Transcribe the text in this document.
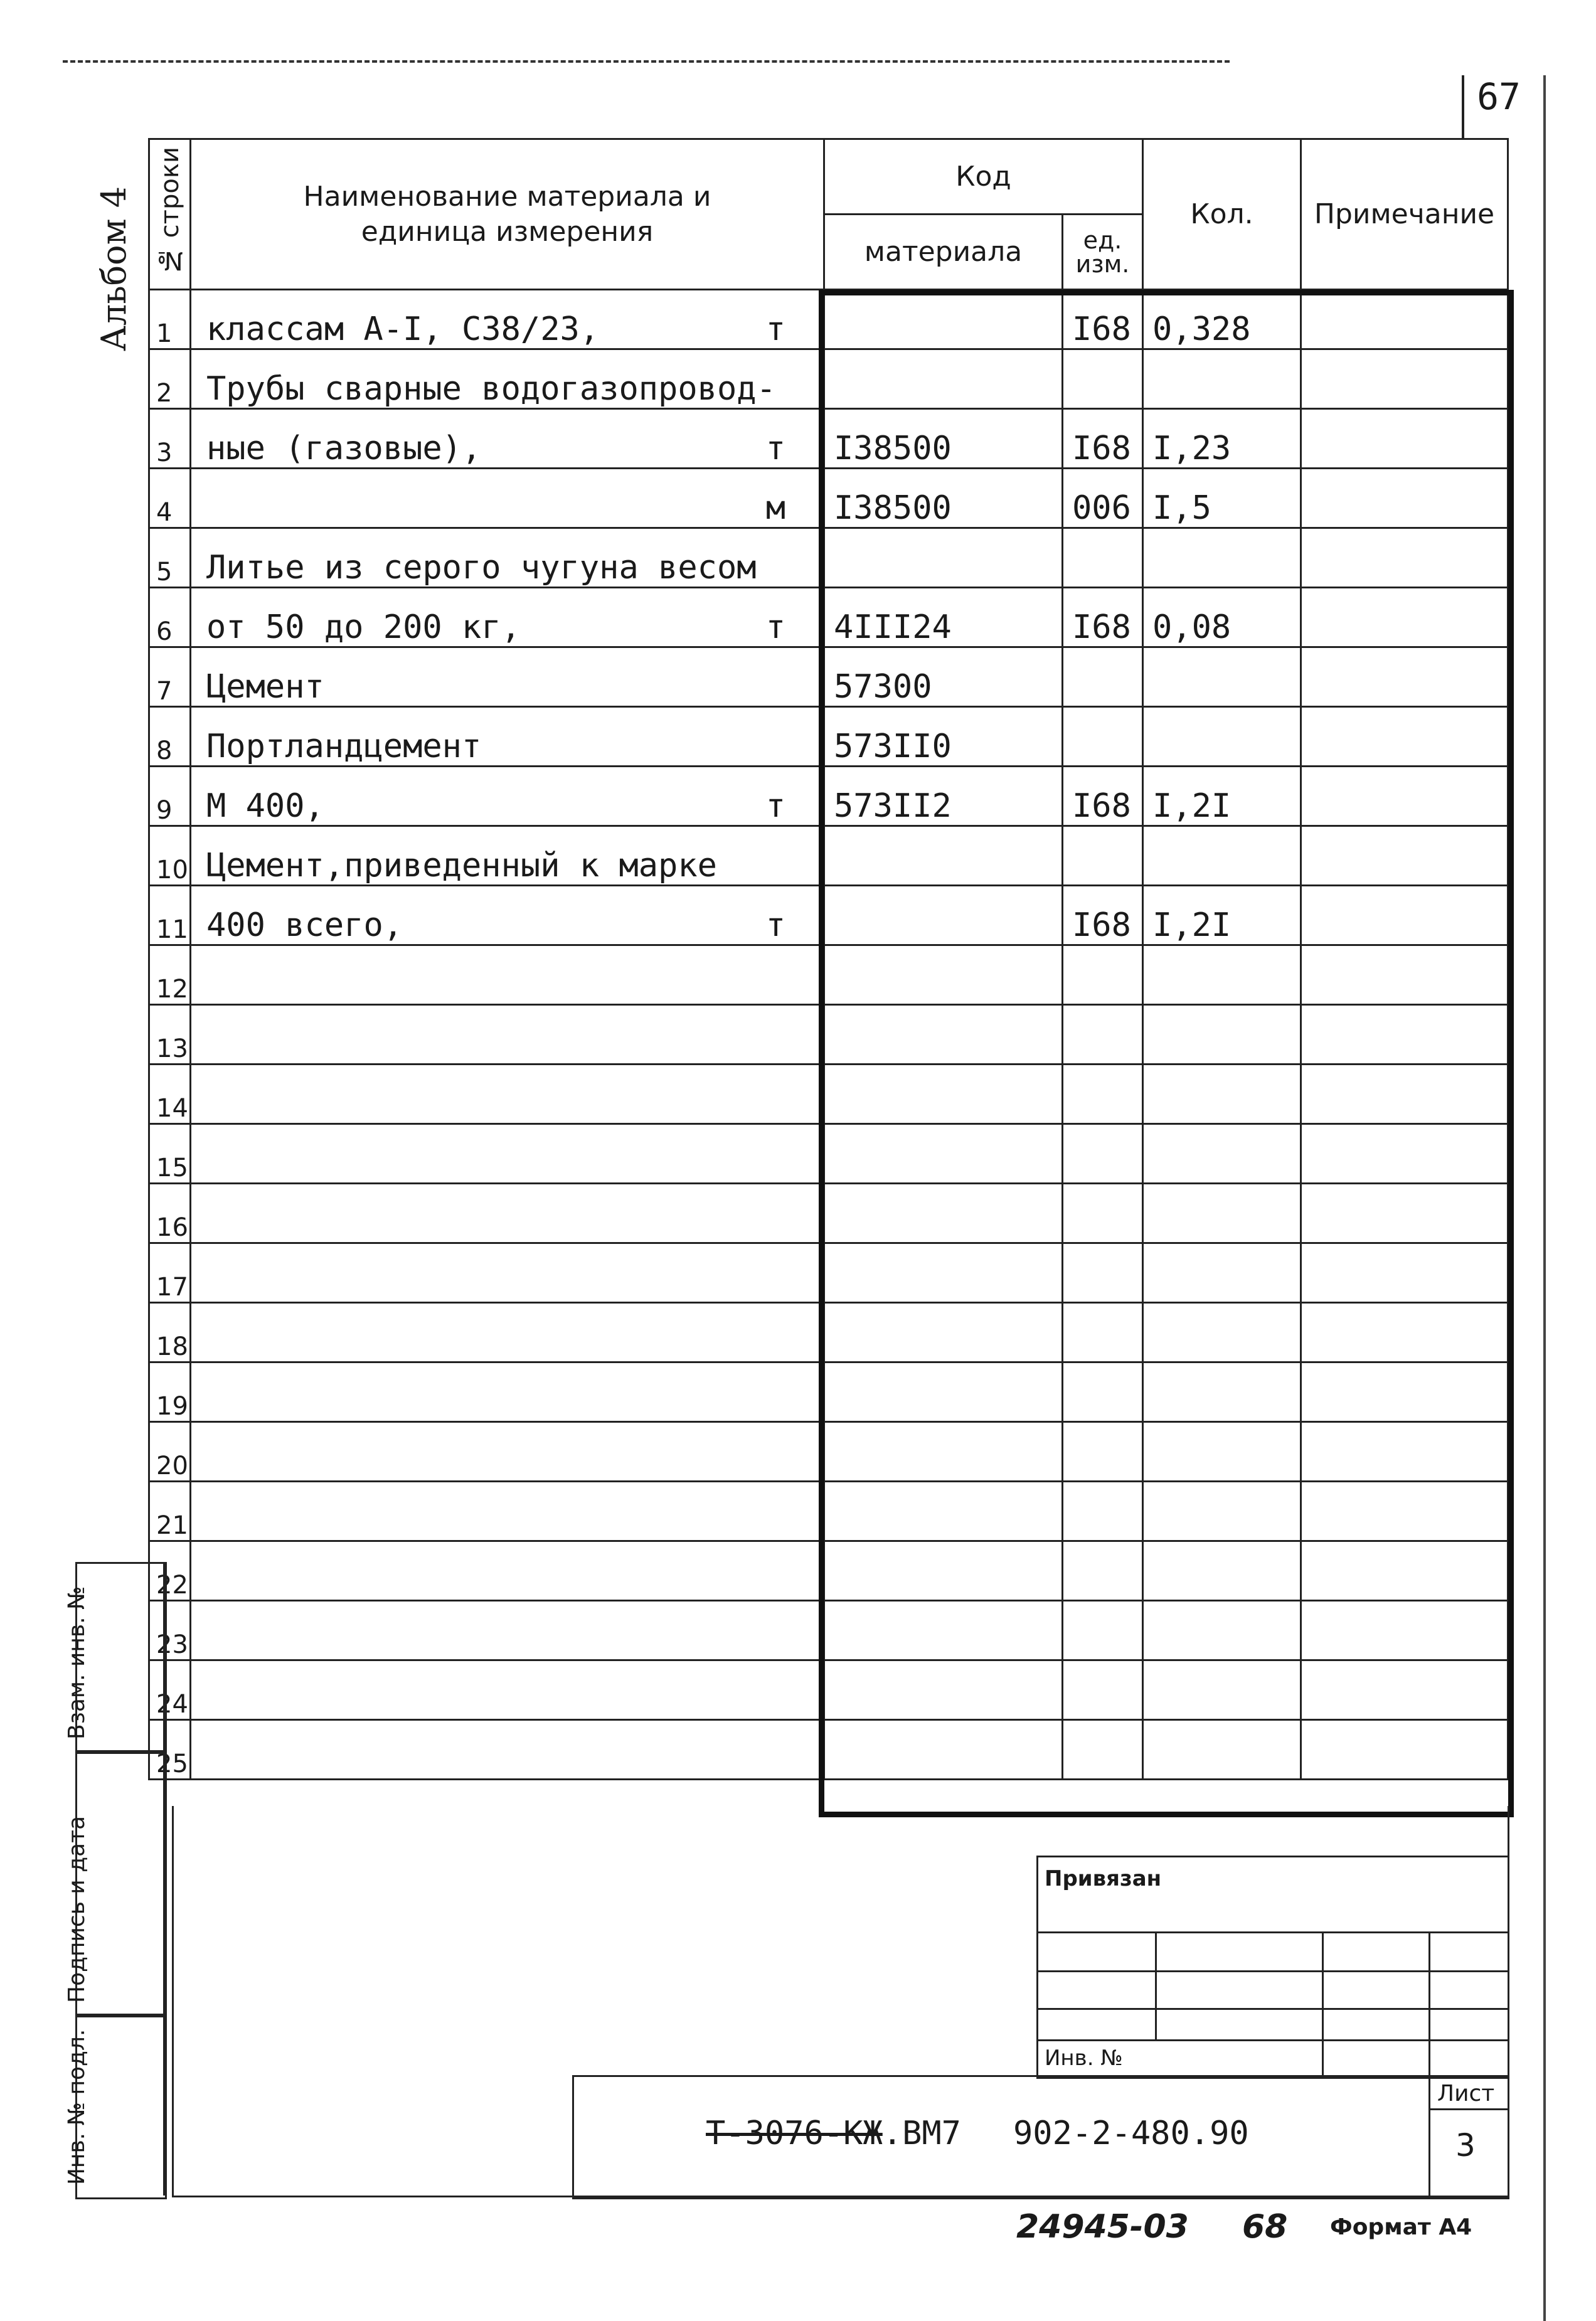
67
Альбом 4 № строки	Наименование материала и единица измерения	Код		Кол.	Примечание
		материала	ед. изм.		
1	классам А-I, С38/23, т		I68	0,328	
2	Трубы сварные водогазопровод-

3	ные (газовые), т	I38500	I68	I,23	
4	м	I38500	006	I,5	
5	Литье из серого чугуна весом

6	от 50 до 200 кг, т	4III24	I68	0,08	
7	Цемент	57300			
8	Портландцемент	573II0			
9	М 400, т	573II2	I68	I,2I	
10	Цемент,приведенный к марке

11	400 всего, т		I68	I,2I	
12	

13	

14	

15	

16	

17	

18	

19	

20	

21	

22	

23	

24	

25	

Взам. инв. №
Подпись и дата
Инв. № подл.
Привязан
Инв. №
Т-3076-КЖ.ВМ7 902-2-480.90
Лист
3
24945-03 68 Формат А4
